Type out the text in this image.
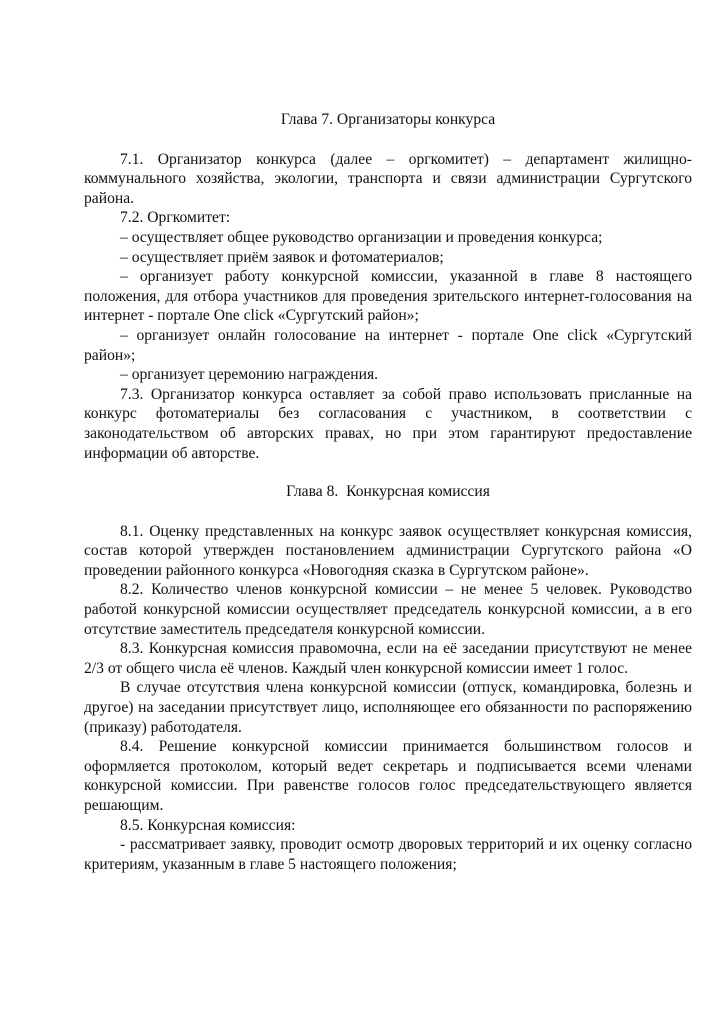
Глава 7. Организаторы конкурса

7.1. Организатор конкурса (далее – оргкомитет) – департамент жилищно-коммунального хозяйства, экологии, транспорта и связи администрации Сургутского района.

7.2. Оргкомитет:

– осуществляет общее руководство организации и проведения конкурса;

– осуществляет приём заявок и фотоматериалов;

– организует работу конкурсной комиссии, указанной в главе 8 настоящего положения, для отбора участников для проведения зрительского интернет-голосования на интернет - портале One click «Сургутский район»;

– организует онлайн голосование на интернет - портале One click «Сургутский район»;

– организует церемонию награждения.

7.3. Организатор конкурса оставляет за собой право использовать присланные на конкурс фотоматериалы без согласования с участником, в соответствии с законодательством об авторских правах, но при этом гарантируют предоставление информации об авторстве.

Глава 8.  Конкурсная комиссия

8.1. Оценку представленных на конкурс заявок осуществляет конкурсная комиссия, состав которой утвержден постановлением администрации Сургутского района «О проведении районного конкурса «Новогодняя сказка в Сургутском районе».

8.2. Количество членов конкурсной комиссии – не менее 5 человек. Руководство работой конкурсной комиссии осуществляет председатель конкурсной комиссии, а в его отсутствие заместитель председателя конкурсной комиссии.

8.3. Конкурсная комиссия правомочна, если на её заседании присутствуют не менее 2/3 от общего числа её членов. Каждый член конкурсной комиссии имеет 1 голос.

В случае отсутствия члена конкурсной комиссии (отпуск, командировка, болезнь и другое) на заседании присутствует лицо, исполняющее его обязанности по распоряжению (приказу) работодателя.

8.4. Решение конкурсной комиссии принимается большинством голосов и оформляется протоколом, который ведет секретарь и подписывается всеми членами конкурсной комиссии. При равенстве голосов голос председательствующего является решающим.

8.5. Конкурсная комиссия:

- рассматривает заявку, проводит осмотр дворовых территорий и их оценку согласно критериям, указанным в главе 5 настоящего положения;
